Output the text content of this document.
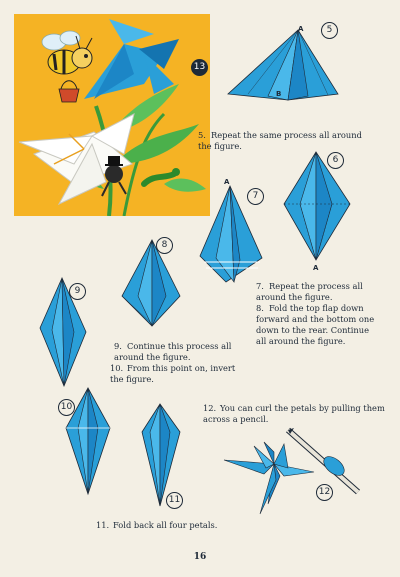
13
A
B
5

5. Repeat the same process all around the figure.

A
6
A
7

7. Repeat the process all around the figure.

8. Fold the top flap down forward and the bottom one down to the rear. Continue all around the figure.

8
9

9. Continue this process all around the figure.

10. From this point on, invert the figure.

10
11

11. Fold back all four petals.

12. You can curl the petals by pulling them across a pencil.

12
16
